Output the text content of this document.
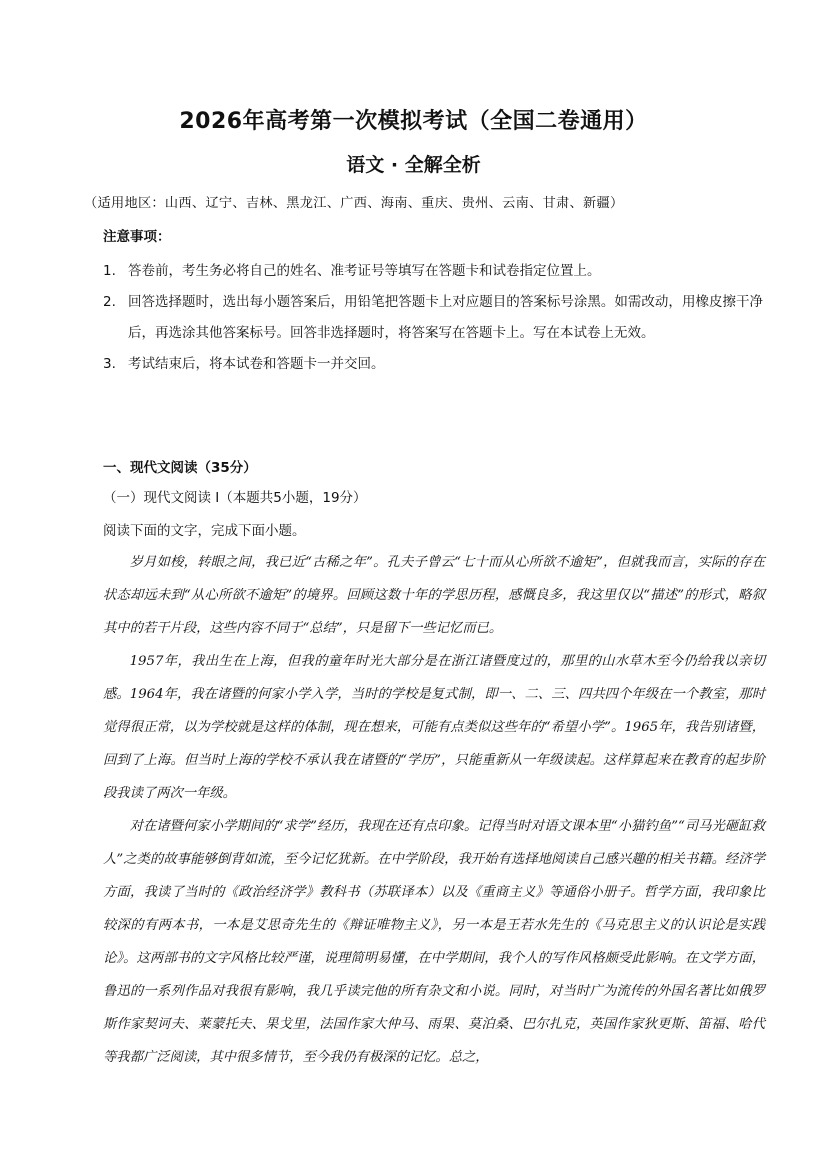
2026年高考第一次模拟考试（全国二卷通用）
语文 · 全解全析
（适用地区：山西、辽宁、吉林、黑龙江、广西、海南、重庆、贵州、云南、甘肃、新疆）
注意事项：
1. 答卷前，考生务必将自己的姓名、准考证号等填写在答题卡和试卷指定位置上。
2. 回答选择题时，选出每小题答案后，用铅笔把答题卡上对应题目的答案标号涂黑。如需改动，用橡皮擦干净后，再选涂其他答案标号。回答非选择题时，将答案写在答题卡上。写在本试卷上无效。
3. 考试结束后，将本试卷和答题卡一并交回。
一、现代文阅读（35分）
（一）现代文阅读 I（本题共5小题，19分）
阅读下面的文字，完成下面小题。

岁月如梭，转眼之间，我已近“古稀之年”。孔夫子曾云“七十而从心所欲不逾矩”，但就我而言，实际的存在状态却远未到“从心所欲不逾矩”的境界。回顾这数十年的学思历程，感慨良多，我这里仅以“描述”的形式，略叙其中的若干片段，这些内容不同于“总结”，只是留下一些记忆而已。

1957年，我出生在上海，但我的童年时光大部分是在浙江诸暨度过的，那里的山水草木至今仍给我以亲切感。1964年，我在诸暨的何家小学入学，当时的学校是复式制，即一、二、三、四共四个年级在一个教室，那时觉得很正常，以为学校就是这样的体制，现在想来，可能有点类似这些年的“希望小学”。1965年，我告别诸暨，回到了上海。但当时上海的学校不承认我在诸暨的“学历”，只能重新从一年级读起。这样算起来在教育的起步阶段我读了两次一年级。

对在诸暨何家小学期间的“求学”经历，我现在还有点印象。记得当时对语文课本里“小猫钓鱼”“司马光砸缸救人”之类的故事能够倒背如流，至今记忆犹新。在中学阶段，我开始有选择地阅读自己感兴趣的相关书籍。经济学方面，我读了当时的《政治经济学》教科书（苏联译本）以及《重商主义》等通俗小册子。哲学方面，我印象比较深的有两本书，一本是艾思奇先生的《辩证唯物主义》，另一本是王若水先生的《马克思主义的认识论是实践论》。这两部书的文字风格比较严谨，说理简明易懂，在中学期间，我个人的写作风格颇受此影响。在文学方面，鲁迅的一系列作品对我很有影响，我几乎读完他的所有杂文和小说。同时，对当时广为流传的外国名著比如俄罗斯作家契诃夫、莱蒙托夫、果戈里，法国作家大仲马、雨果、莫泊桑、巴尔扎克，英国作家狄更斯、笛福、哈代等我都广泛阅读，其中很多情节，至今我仍有极深的记忆。总之，
